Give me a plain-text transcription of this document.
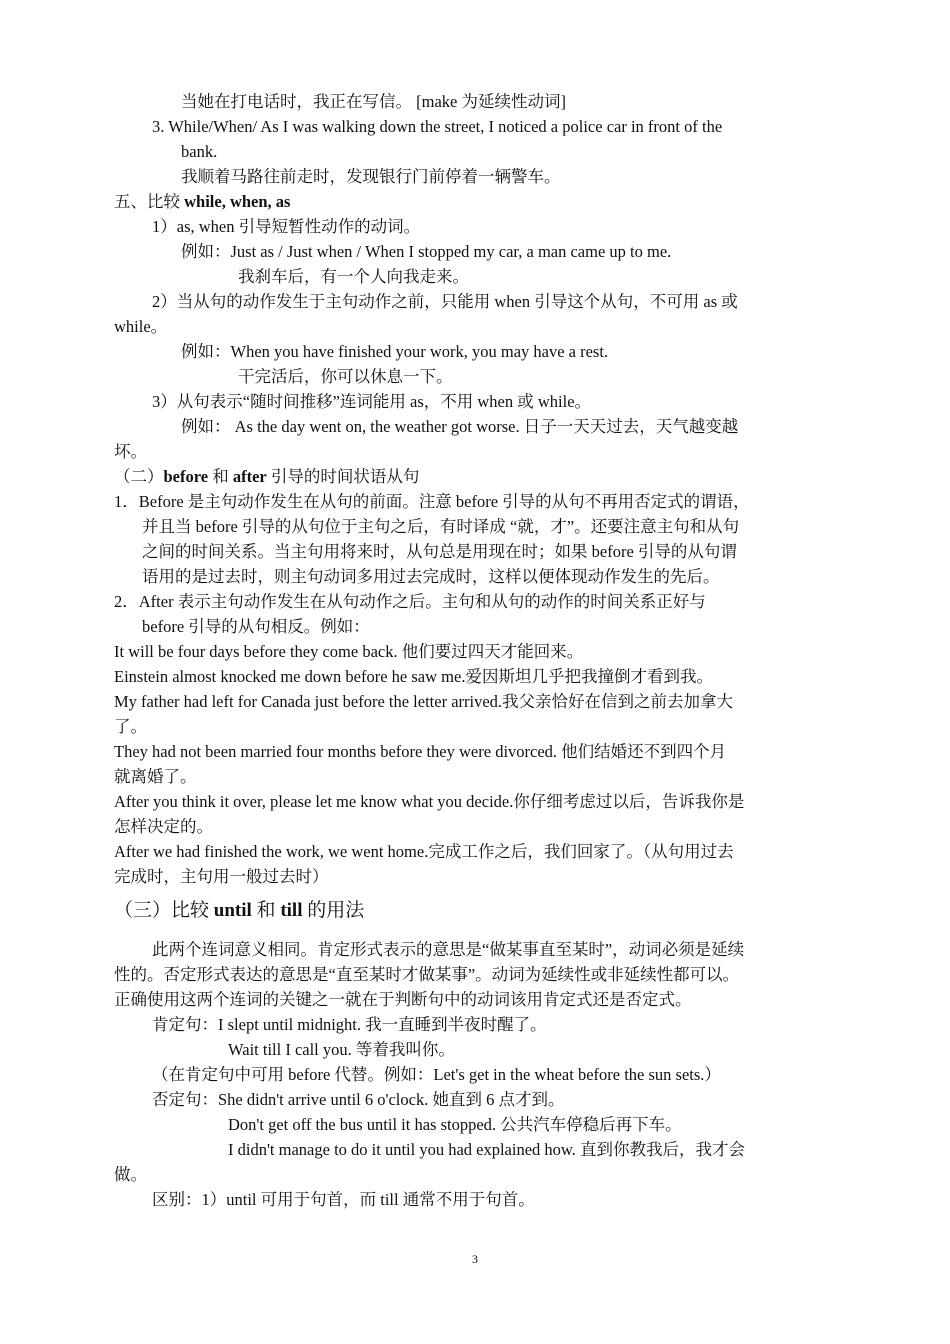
当她在打电话时，我正在写信。 [make 为延续性动词]
3. While/When/ As I was walking down the street, I noticed a police car in front of the
bank.
我顺着马路往前走时，发现银行门前停着一辆警车。
五、比较 while, when, as
1）as, when 引导短暂性动作的动词。
例如：Just as / Just when / When I stopped my car, a man came up to me.
我刹车后，有一个人向我走来。
2）当从句的动作发生于主句动作之前，只能用 when 引导这个从句，不可用 as 或
while。
例如：When you have finished your work, you may have a rest.
干完活后，你可以休息一下。
3）从句表示“随时间推移”连词能用 as，不用 when 或 while。
例如： As the day went on, the weather got worse. 日子一天天过去，天气越变越
坏。
（二）before 和 after 引导的时间状语从句
1．Before 是主句动作发生在从句的前面。注意 before 引导的从句不再用否定式的谓语，
并且当 before 引导的从句位于主句之后，有时译成 “就，才”。还要注意主句和从句
之间的时间关系。当主句用将来时，从句总是用现在时；如果 before 引导的从句谓
语用的是过去时，则主句动词多用过去完成时，这样以便体现动作发生的先后。
2．After 表示主句动作发生在从句动作之后。主句和从句的动作的时间关系正好与
before 引导的从句相反。例如：
It will be four days before they come back. 他们要过四天才能回来。
Einstein almost knocked me down before he saw me.爱因斯坦几乎把我撞倒才看到我。
My father had left for Canada just before the letter arrived.我父亲恰好在信到之前去加拿大
了。
They had not been married four months before they were divorced. 他们结婚还不到四个月
就离婚了。
After you think it over, please let me know what you decide.你仔细考虑过以后，告诉我你是
怎样决定的。
After we had finished the work, we went home.完成工作之后，我们回家了。（从句用过去
完成时，主句用一般过去时）
（三）比较 until 和 till 的用法
此两个连词意义相同。肯定形式表示的意思是“做某事直至某时”，动词必须是延续
性的。否定形式表达的意思是“直至某时才做某事”。动词为延续性或非延续性都可以。
正确使用这两个连词的关键之一就在于判断句中的动词该用肯定式还是否定式。
肯定句：I slept until midnight. 我一直睡到半夜时醒了。
Wait till I call you. 等着我叫你。
（在肯定句中可用 before 代替。例如：Let's get in the wheat before the sun sets.）
否定句：She didn't arrive until 6 o'clock. 她直到 6 点才到。
Don't get off the bus until it has stopped. 公共汽车停稳后再下车。
I didn't manage to do it until you had explained how. 直到你教我后，我才会
做。
区别：1）until 可用于句首，而 till 通常不用于句首。
3
